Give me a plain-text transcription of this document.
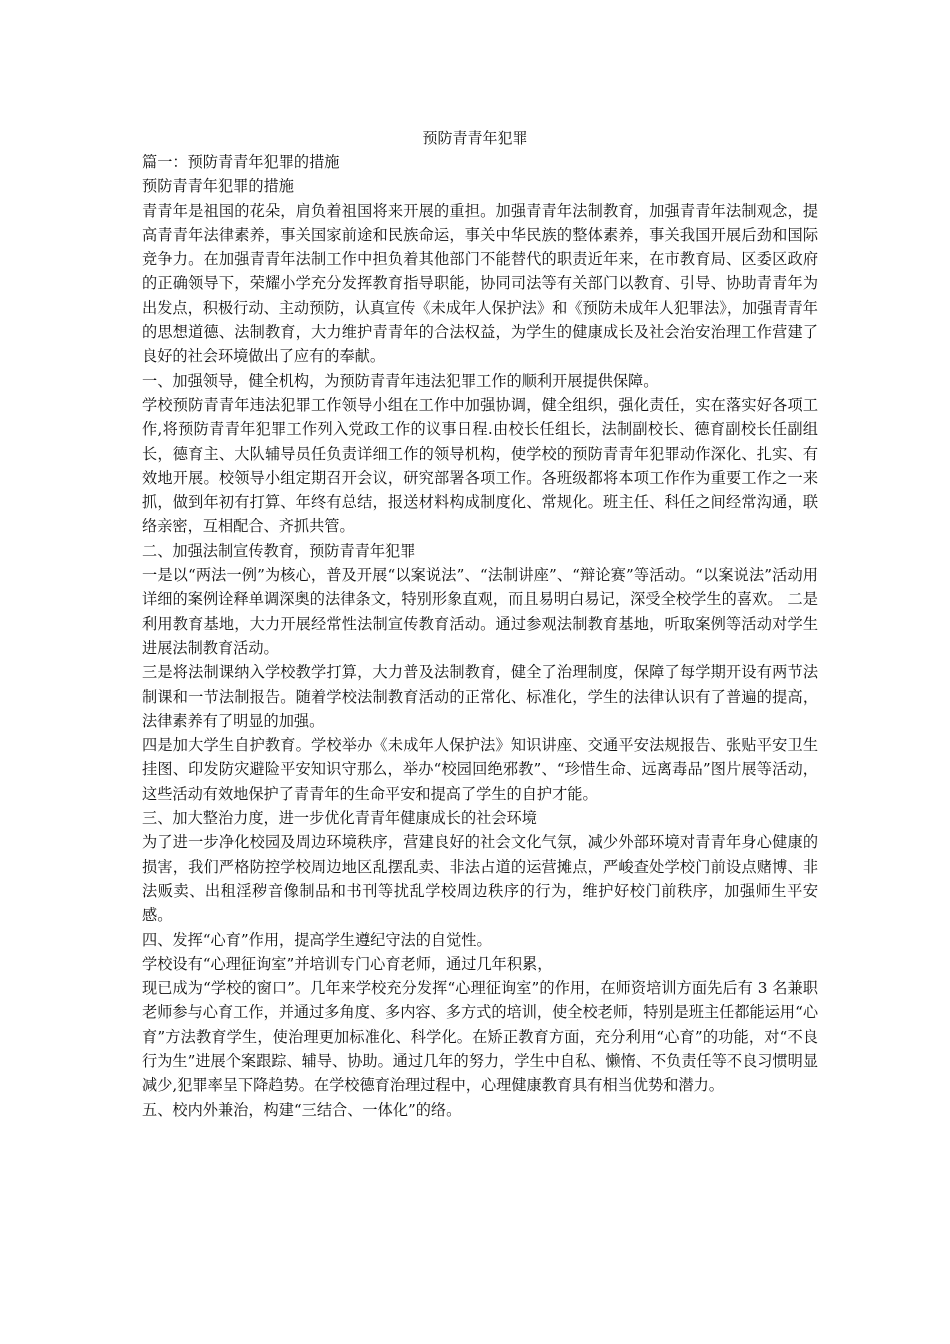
预防青青年犯罪

篇一：预防青青年犯罪的措施

预防青青年犯罪的措施

青青年是祖国的花朵，肩负着祖国将来开展的重担。加强青青年法制教育，加强青青年法制观念，提高青青年法律素养，事关国家前途和民族命运，事关中华民族的整体素养，事关我国开展后劲和国际竞争力。在加强青青年法制工作中担负着其他部门不能替代的职责近年来，在市教育局、区委区政府的正确领导下，荣耀小学充分发挥教育指导职能，协同司法等有关部门以教育、引导、协助青青年为出发点，积极行动、主动预防，认真宣传《未成年人保护法》和《预防未成年人犯罪法》，加强青青年的思想道德、法制教育，大力维护青青年的合法权益，为学生的健康成长及社会治安治理工作营建了良好的社会环境做出了应有的奉献。

一、加强领导，健全机构，为预防青青年违法犯罪工作的顺利开展提供保障。

学校预防青青年违法犯罪工作领导小组在工作中加强协调，健全组织，强化责任，实在落实好各项工作,将预防青青年犯罪工作列入党政工作的议事日程.由校长任组长，法制副校长、德育副校长任副组长，德育主、大队辅导员任负责详细工作的领导机构，使学校的预防青青年犯罪动作深化、扎实、有效地开展。校领导小组定期召开会议，研究部署各项工作。各班级都将本项工作作为重要工作之一来抓，做到年初有打算、年终有总结，报送材料构成制度化、常规化。班主任、科任之间经常沟通，联络亲密，互相配合、齐抓共管。

二、加强法制宣传教育，预防青青年犯罪

一是以“两法一例”为核心，普及开展“以案说法”、“法制讲座”、“辩论赛”等活动。“以案说法”活动用详细的案例诠释单调深奥的法律条文，特别形象直观，而且易明白易记，深受全校学生的喜欢。 二是利用教育基地，大力开展经常性法制宣传教育活动。通过参观法制教育基地，听取案例等活动对学生进展法制教育活动。

三是将法制课纳入学校教学打算，大力普及法制教育，健全了治理制度，保障了每学期开设有两节法制课和一节法制报告。随着学校法制教育活动的正常化、标准化，学生的法律认识有了普遍的提高，法律素养有了明显的加强。

四是加大学生自护教育。学校举办《未成年人保护法》知识讲座、交通平安法规报告、张贴平安卫生挂图、印发防灾避险平安知识守那么，举办“校园回绝邪教”、“珍惜生命、远离毒品”图片展等活动，这些活动有效地保护了青青年的生命平安和提高了学生的自护才能。

三、加大整治力度，进一步优化青青年健康成长的社会环境

为了进一步净化校园及周边环境秩序，营建良好的社会文化气氛，减少外部环境对青青年身心健康的损害，我们严格防控学校周边地区乱摆乱卖、非法占道的运营摊点，严峻查处学校门前设点赌博、非法贩卖、出租淫秽音像制品和书刊等扰乱学校周边秩序的行为，维护好校门前秩序，加强师生平安感。

四、发挥“心育”作用，提高学生遵纪守法的自觉性。

学校设有“心理征询室”并培训专门心育老师，通过几年积累，

现已成为“学校的窗口”。几年来学校充分发挥“心理征询室”的作用，在师资培训方面先后有 3 名兼职老师参与心育工作，并通过多角度、多内容、多方式的培训，使全校老师，特别是班主任都能运用“心育”方法教育学生，使治理更加标准化、科学化。在矫正教育方面，充分利用“心育”的功能，对“不良行为生”进展个案跟踪、辅导、协助。通过几年的努力，学生中自私、懒惰、不负责任等不良习惯明显减少,犯罪率呈下降趋势。在学校德育治理过程中，心理健康教育具有相当优势和潜力。

五、校内外兼治，构建“三结合、一体化”的络。
